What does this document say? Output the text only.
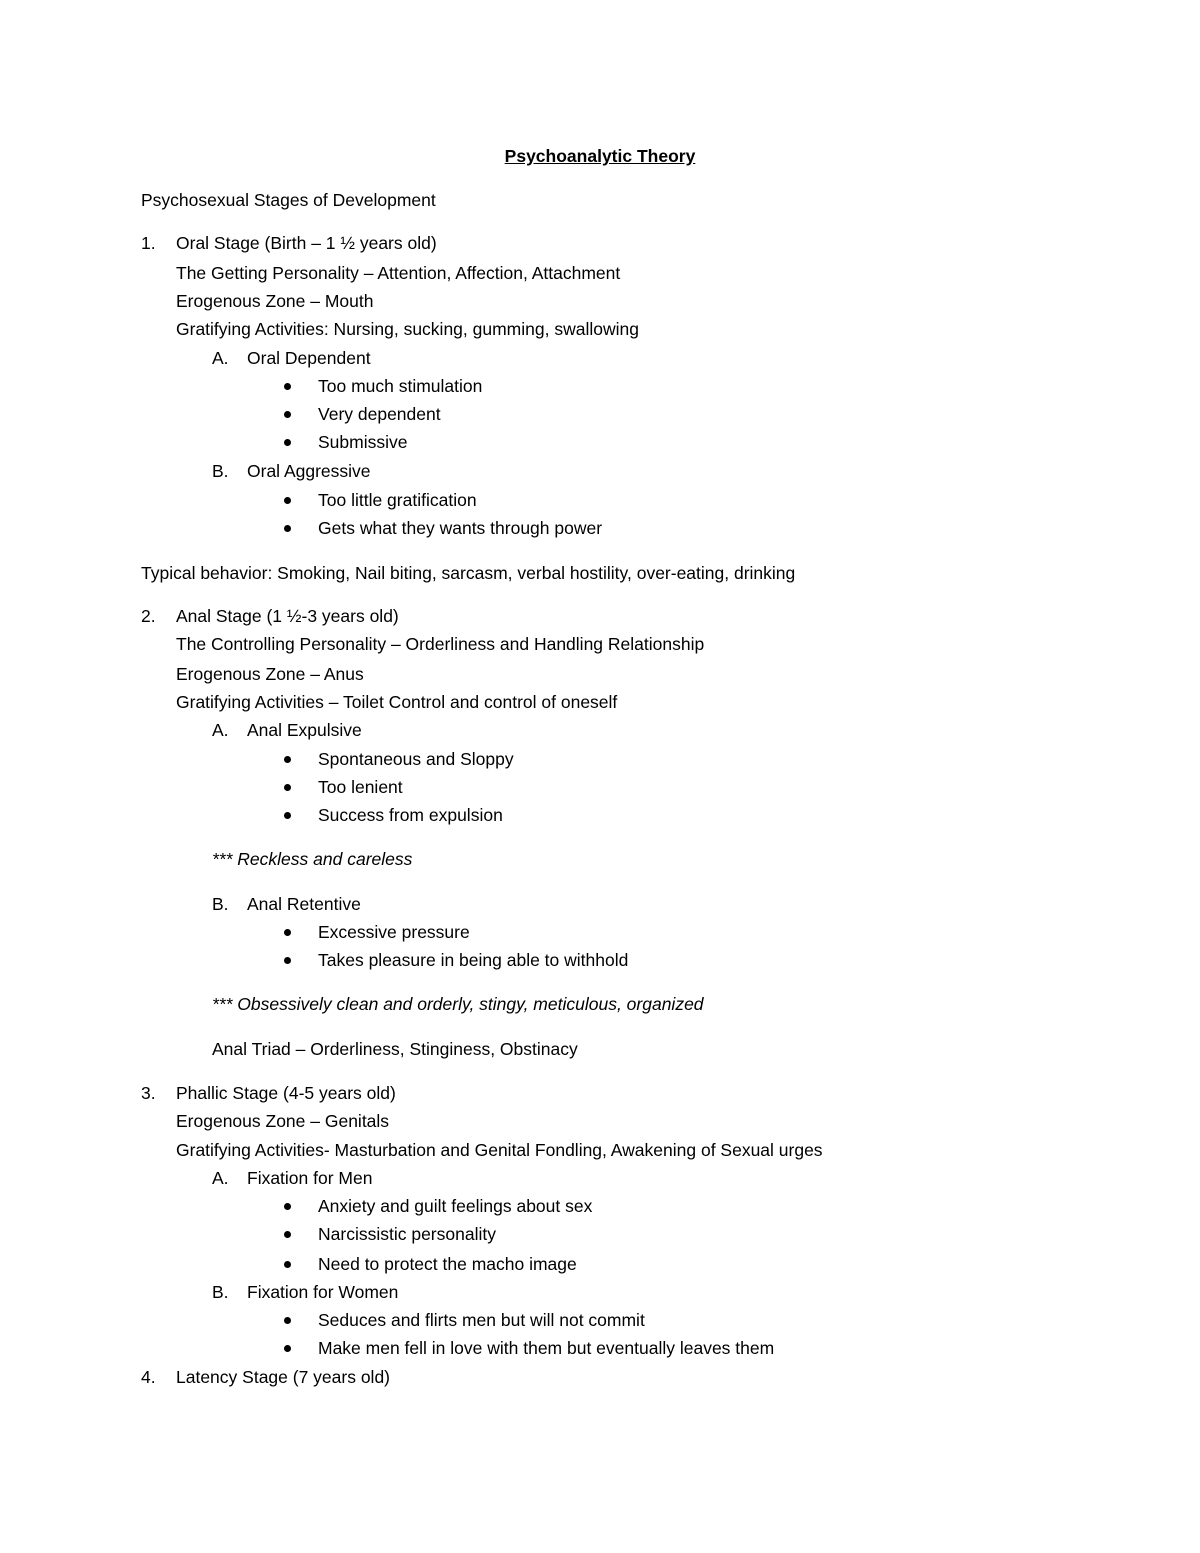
Psychoanalytic Theory
Psychosexual Stages of Development
1. Oral Stage (Birth – 1 ½ years old)
The Getting Personality – Attention, Affection, Attachment
Erogenous Zone – Mouth
Gratifying Activities: Nursing, sucking, gumming, swallowing
A. Oral Dependent
Too much stimulation
Very dependent
Submissive
B. Oral Aggressive
Too little gratification
Gets what they wants through power
Typical behavior: Smoking, Nail biting, sarcasm, verbal hostility, over-eating, drinking
2. Anal Stage (1 ½-3 years old)
The Controlling Personality – Orderliness and Handling Relationship
Erogenous Zone – Anus
Gratifying Activities – Toilet Control and control of oneself
A. Anal Expulsive
Spontaneous and Sloppy
Too lenient
Success from expulsion
*** Reckless and careless
B. Anal Retentive
Excessive pressure
Takes pleasure in being able to withhold
*** Obsessively clean and orderly, stingy, meticulous, organized
Anal Triad – Orderliness, Stinginess, Obstinacy
3. Phallic Stage (4-5 years old)
Erogenous Zone – Genitals
Gratifying Activities- Masturbation and Genital Fondling, Awakening of Sexual urges
A. Fixation for Men
Anxiety and guilt feelings about sex
Narcissistic personality
Need to protect the macho image
B. Fixation for Women
Seduces and flirts men but will not commit
Make men fell in love with them but eventually leaves them
4. Latency Stage (7 years old)
